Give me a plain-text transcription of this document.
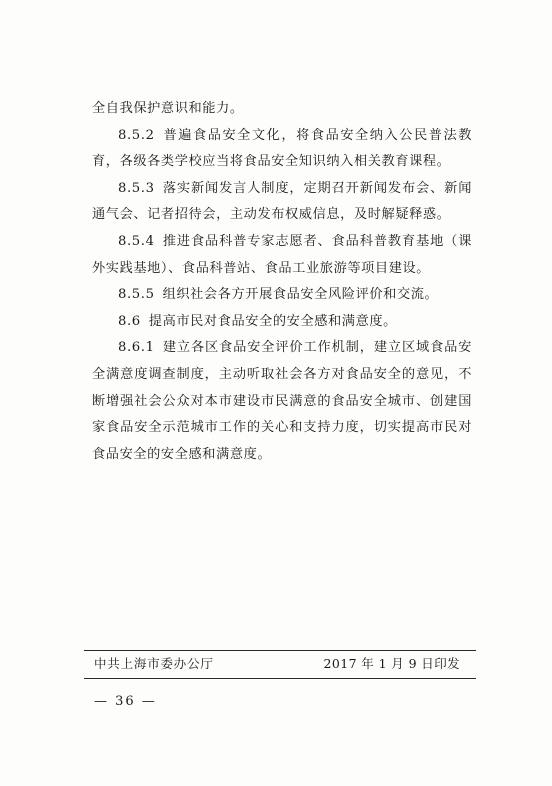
全自我保护意识和能力。

8.5.2 普遍食品安全文化，将食品安全纳入公民普法教育，各级各类学校应当将食品安全知识纳入相关教育课程。

8.5.3 落实新闻发言人制度，定期召开新闻发布会、新闻通气会、记者招待会，主动发布权威信息，及时解疑释惑。

8.5.4 推进食品科普专家志愿者、食品科普教育基地（课外实践基地）、食品科普站、食品工业旅游等项目建设。

8.5.5 组织社会各方开展食品安全风险评价和交流。

8.6 提高市民对食品安全的安全感和满意度。

8.6.1 建立各区食品安全评价工作机制，建立区域食品安全满意度调查制度，主动听取社会各方对食品安全的意见，不断增强社会公众对本市建设市民满意的食品安全城市、创建国家食品安全示范城市工作的关心和支持力度，切实提高市民对食品安全的安全感和满意度。

中共上海市委办公厅	2017 年 1 月 9 日印发
— 36 —
